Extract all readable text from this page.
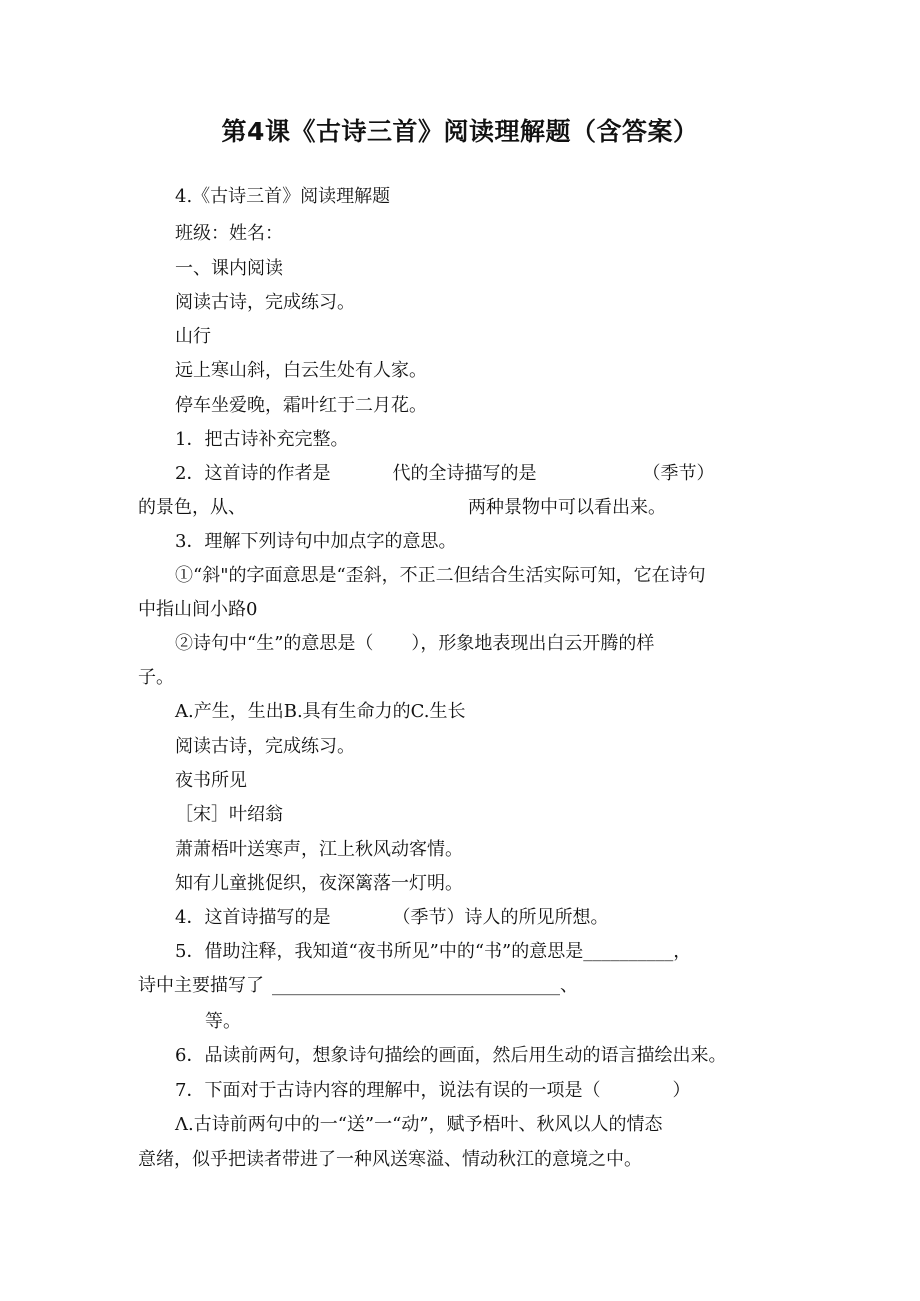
第4课《古诗三首》阅读理解题（含答案）

4.《古诗三首》阅读理解题

班级：姓名：

一、课内阅读

阅读古诗，完成练习。

山行

远上寒山斜，白云生处有人家。

停车坐爱晚，霜叶红于二月花。

1．把古诗补充完整。

2．这首诗的作者是	代的全诗描写的是	（季节）

的景色，从、	两种景物中可以看出来。

3．理解下列诗句中加点字的意思。

①“斜"的字面意思是“歪斜，不正二但结合生活实际可知，它在诗句

中指山间小路0

②诗句中“生”的意思是（ ），形象地表现出白云开腾的样

子。

A.产生，生出B.具有生命力的C.生长

阅读古诗，完成练习。

夜书所见

［宋］叶绍翁

萧萧梧叶送寒声，江上秋风动客情。

知有儿童挑促织，夜深篱落一灯明。

4．这首诗描写的是	（季节）诗人的所见所想。

5．借助注释，我知道“夜书所见”中的“书”的意思是__________，

诗中主要描写了 ________________________________、

等。

6．品读前两句，想象诗句描绘的画面，然后用生动的语言描绘出来。

7．下面对于古诗内容的理解中，说法有误的一项是（	）

Λ.古诗前两句中的一“送”一“动”，赋予梧叶、秋风以人的情态

意绪，似乎把读者带进了一种风送寒溢、情动秋江的意境之中。
